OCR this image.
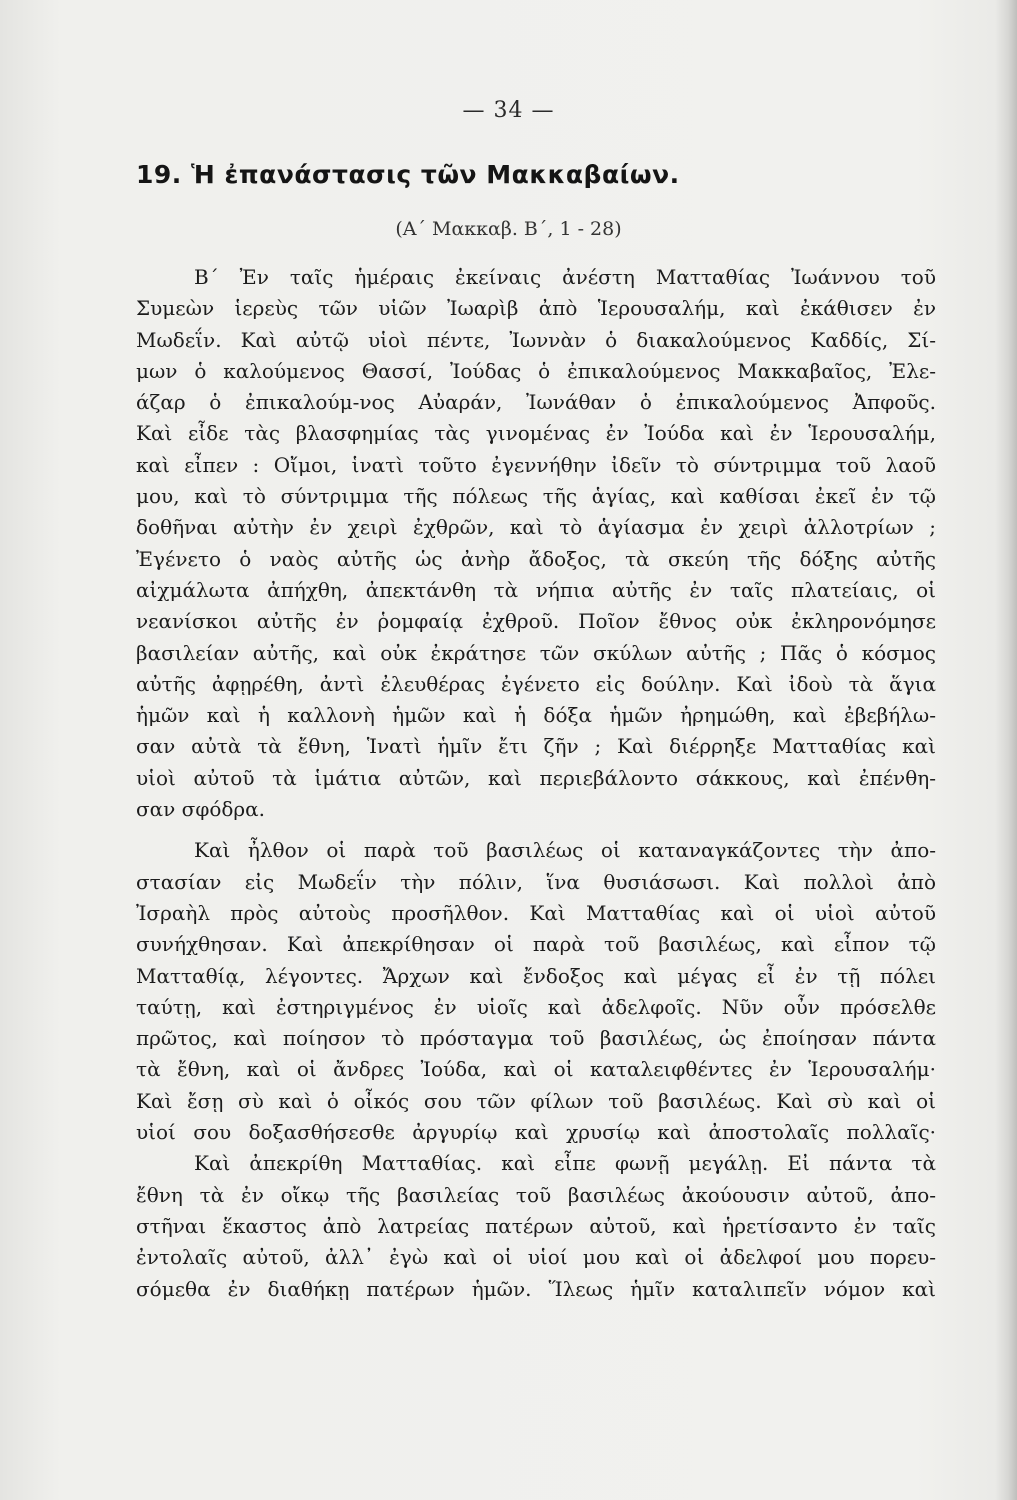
— 34 —
19. Ἡ ἐπανάστασις τῶν Μακκαβαίων.
(Α΄ Μακκαβ. Β΄, 1 - 28)
Β΄ Ἐν ταῖς ἡμέραις ἐκείναις ἀνέστη Ματταθίας Ἰωάννου τοῦ
Συμεὼν ἱερεὺς τῶν υἱῶν Ἰωαρὶβ ἀπὸ Ἱερουσαλήμ, καὶ ἐκάθισεν ἐν
Μωδεΐν. Καὶ αὐτῷ υἱοὶ πέντε, Ἰωννὰν ὁ διακαλούμενος Καδδίς, Σί-
μων ὁ καλούμενος Θασσί, Ἰούδας ὁ ἐπικαλούμενος Μακκαβαῖος, Ἐλε-
άζαρ ὁ ἐπικαλούμ-νος Αὐαράν, Ἰωνάθαν ὁ ἐπικαλούμενος Ἀπφοῦς.
Καὶ εἶδε τὰς βλασφημίας τὰς γινομένας ἐν Ἰούδα καὶ ἐν Ἱερουσαλήμ,
καὶ εἶπεν : Οἴμοι, ἱνατὶ τοῦτο ἐγεννήθην ἰδεῖν τὸ σύντριμμα τοῦ λαοῦ
μου, καὶ τὸ σύντριμμα τῆς πόλεως τῆς ἁγίας, καὶ καθίσαι ἐκεῖ ἐν τῷ
δοθῆναι αὐτὴν ἐν χειρὶ ἐχθρῶν, καὶ τὸ ἁγίασμα ἐν χειρὶ ἀλλοτρίων ;
Ἐγένετο ὁ ναὸς αὐτῆς ὡς ἀνὴρ ἄδοξος, τὰ σκεύη τῆς δόξης αὐτῆς
αἰχμάλωτα ἀπήχθη, ἀπεκτάνθη τὰ νήπια αὐτῆς ἐν ταῖς πλατείαις, οἱ
νεανίσκοι αὐτῆς ἐν ῥομφαίᾳ ἐχθροῦ. Ποῖον ἔθνος οὐκ ἐκληρονόμησε
βασιλείαν αὐτῆς, καὶ οὐκ ἐκράτησε τῶν σκύλων αὐτῆς ; Πᾶς ὁ κόσμος
αὐτῆς ἀφῃρέθη, ἀντὶ ἐλευθέρας ἐγένετο εἰς δούλην. Καὶ ἰδοὺ τὰ ἅγια
ἡμῶν καὶ ἡ καλλονὴ ἡμῶν καὶ ἡ δόξα ἡμῶν ἠρημώθη, καὶ ἐβεβήλω-
σαν αὐτὰ τὰ ἔθνη, Ἱνατὶ ἡμῖν ἔτι ζῆν ; Καὶ διέρρηξε Ματταθίας καὶ
υἱοὶ αὐτοῦ τὰ ἱμάτια αὐτῶν, καὶ περιεβάλοντο σάκκους, καὶ ἐπένθη-
σαν σφόδρα.
Καὶ ἦλθον οἱ παρὰ τοῦ βασιλέως οἱ καταναγκάζοντες τὴν ἀπο-
στασίαν εἰς Μωδεΐν τὴν πόλιν, ἵνα θυσιάσωσι. Καὶ πολλοὶ ἀπὸ
Ἰσραὴλ πρὸς αὐτοὺς προσῆλθον. Καὶ Ματταθίας καὶ οἱ υἱοὶ αὐτοῦ
συνήχθησαν. Καὶ ἀπεκρίθησαν οἱ παρὰ τοῦ βασιλέως, καὶ εἶπον τῷ
Ματταθίᾳ, λέγοντες. Ἄρχων καὶ ἔνδοξος καὶ μέγας εἶ ἐν τῇ πόλει
ταύτῃ, καὶ ἐστηριγμένος ἐν υἱοῖς καὶ ἀδελφοῖς. Νῦν οὖν πρόσελθε
πρῶτος, καὶ ποίησον τὸ πρόσταγμα τοῦ βασιλέως, ὡς ἐποίησαν πάντα
τὰ ἔθνη, καὶ οἱ ἄνδρες Ἰούδα, καὶ οἱ καταλειφθέντες ἐν Ἱερουσαλήμ·
Καὶ ἔσῃ σὺ καὶ ὁ οἶκός σου τῶν φίλων τοῦ βασιλέως. Καὶ σὺ καὶ οἱ
υἱοί σου δοξασθήσεσθε ἀργυρίῳ καὶ χρυσίῳ καὶ ἀποστολαῖς πολλαῖς·
Καὶ ἀπεκρίθη Ματταθίας. καὶ εἶπε φωνῇ μεγάλῃ. Εἰ πάντα τὰ
ἔθνη τὰ ἐν οἴκῳ τῆς βασιλείας τοῦ βασιλέως ἀκούουσιν αὐτοῦ, ἀπο-
στῆναι ἕκαστος ἀπὸ λατρείας πατέρων αὐτοῦ, καὶ ἡρετίσαντο ἐν ταῖς
ἐντολαῖς αὐτοῦ, ἀλλ᾽ ἐγὼ καὶ οἱ υἱοί μου καὶ οἱ ἀδελφοί μου πορευ-
σόμεθα ἐν διαθήκῃ πατέρων ἡμῶν. Ἵλεως ἡμῖν καταλιπεῖν νόμον καὶ
